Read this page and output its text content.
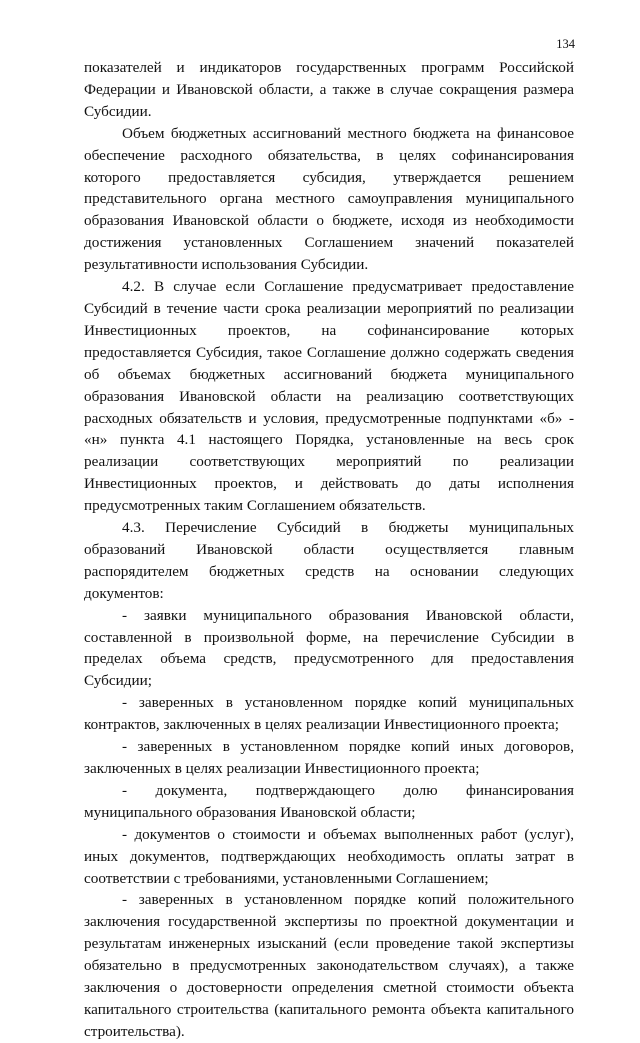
134

показателей и индикаторов государственных программ Российской Федерации и Ивановской области, а также в случае сокращения размера Субсидии.

Объем бюджетных ассигнований местного бюджета на финансовое обеспечение расходного обязательства, в целях софинансирования которого предоставляется субсидия, утверждается решением представительного органа местного самоуправления муниципального образования Ивановской области о бюджете, исходя из необходимости достижения установленных Соглашением значений показателей результативности использования Субсидии.

4.2. В случае если Соглашение предусматривает предоставление Субсидий в течение части срока реализации мероприятий по реализации Инвестиционных проектов, на софинансирование которых предоставляется Субсидия, такое Соглашение должно содержать сведения об объемах бюджетных ассигнований бюджета муниципального образования Ивановской области на реализацию соответствующих расходных обязательств и условия, предусмотренные подпунктами «б» - «н» пункта 4.1 настоящего Порядка, установленные на весь срок реализации соответствующих мероприятий по реализации Инвестиционных проектов, и действовать до даты исполнения предусмотренных таким Соглашением обязательств.

4.3. Перечисление Субсидий в бюджеты муниципальных образований Ивановской области осуществляется главным распорядителем бюджетных средств на основании следующих документов:

- заявки муниципального образования Ивановской области, составленной в произвольной форме, на перечисление Субсидии в пределах объема средств, предусмотренного для предоставления Субсидии;

- заверенных в установленном порядке копий муниципальных контрактов, заключенных в целях реализации Инвестиционного проекта;

- заверенных в установленном порядке копий иных договоров, заключенных в целях реализации Инвестиционного проекта;

- документа, подтверждающего долю финансирования муниципального образования Ивановской области;

- документов о стоимости и объемах выполненных работ (услуг), иных документов, подтверждающих необходимость оплаты затрат в соответствии с требованиями, установленными Соглашением;

- заверенных в установленном порядке копий положительного заключения государственной экспертизы по проектной документации и результатам инженерных изысканий (если проведение такой экспертизы обязательно в предусмотренных законодательством случаях), а также заключения о достоверности определения сметной стоимости объекта капитального строительства (капитального ремонта объекта капитального строительства).
